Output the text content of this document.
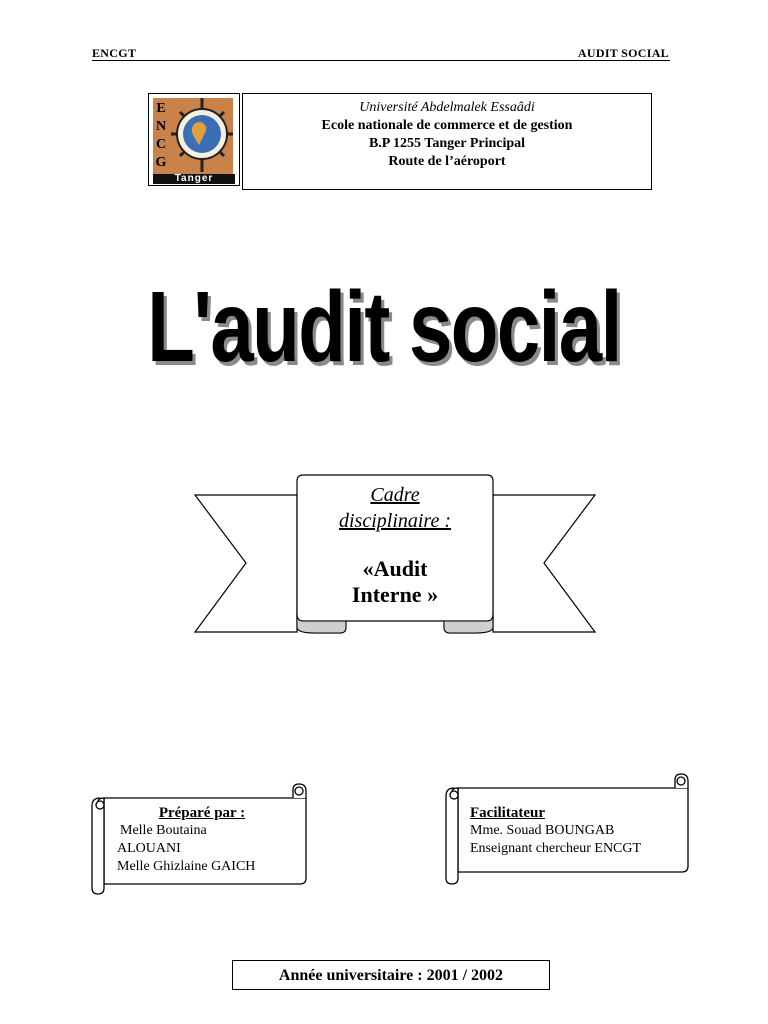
ENCGT	AUDIT SOCIAL
E
N
C
G
Tanger
Université Abdelmalek Essaâdi
Ecole nationale de commerce et de gestion
B.P 1255 Tanger Principal
Route de l’aéroport
L'audit social
Cadre
disciplinaire :
«Audit
Interne »
Préparé par :
Melle Boutaina
ALOUANI
Melle Ghizlaine GAICH
Facilitateur
Mme. Souad BOUNGAB
Enseignant chercheur ENCGT
Année universitaire : 2001 / 2002
